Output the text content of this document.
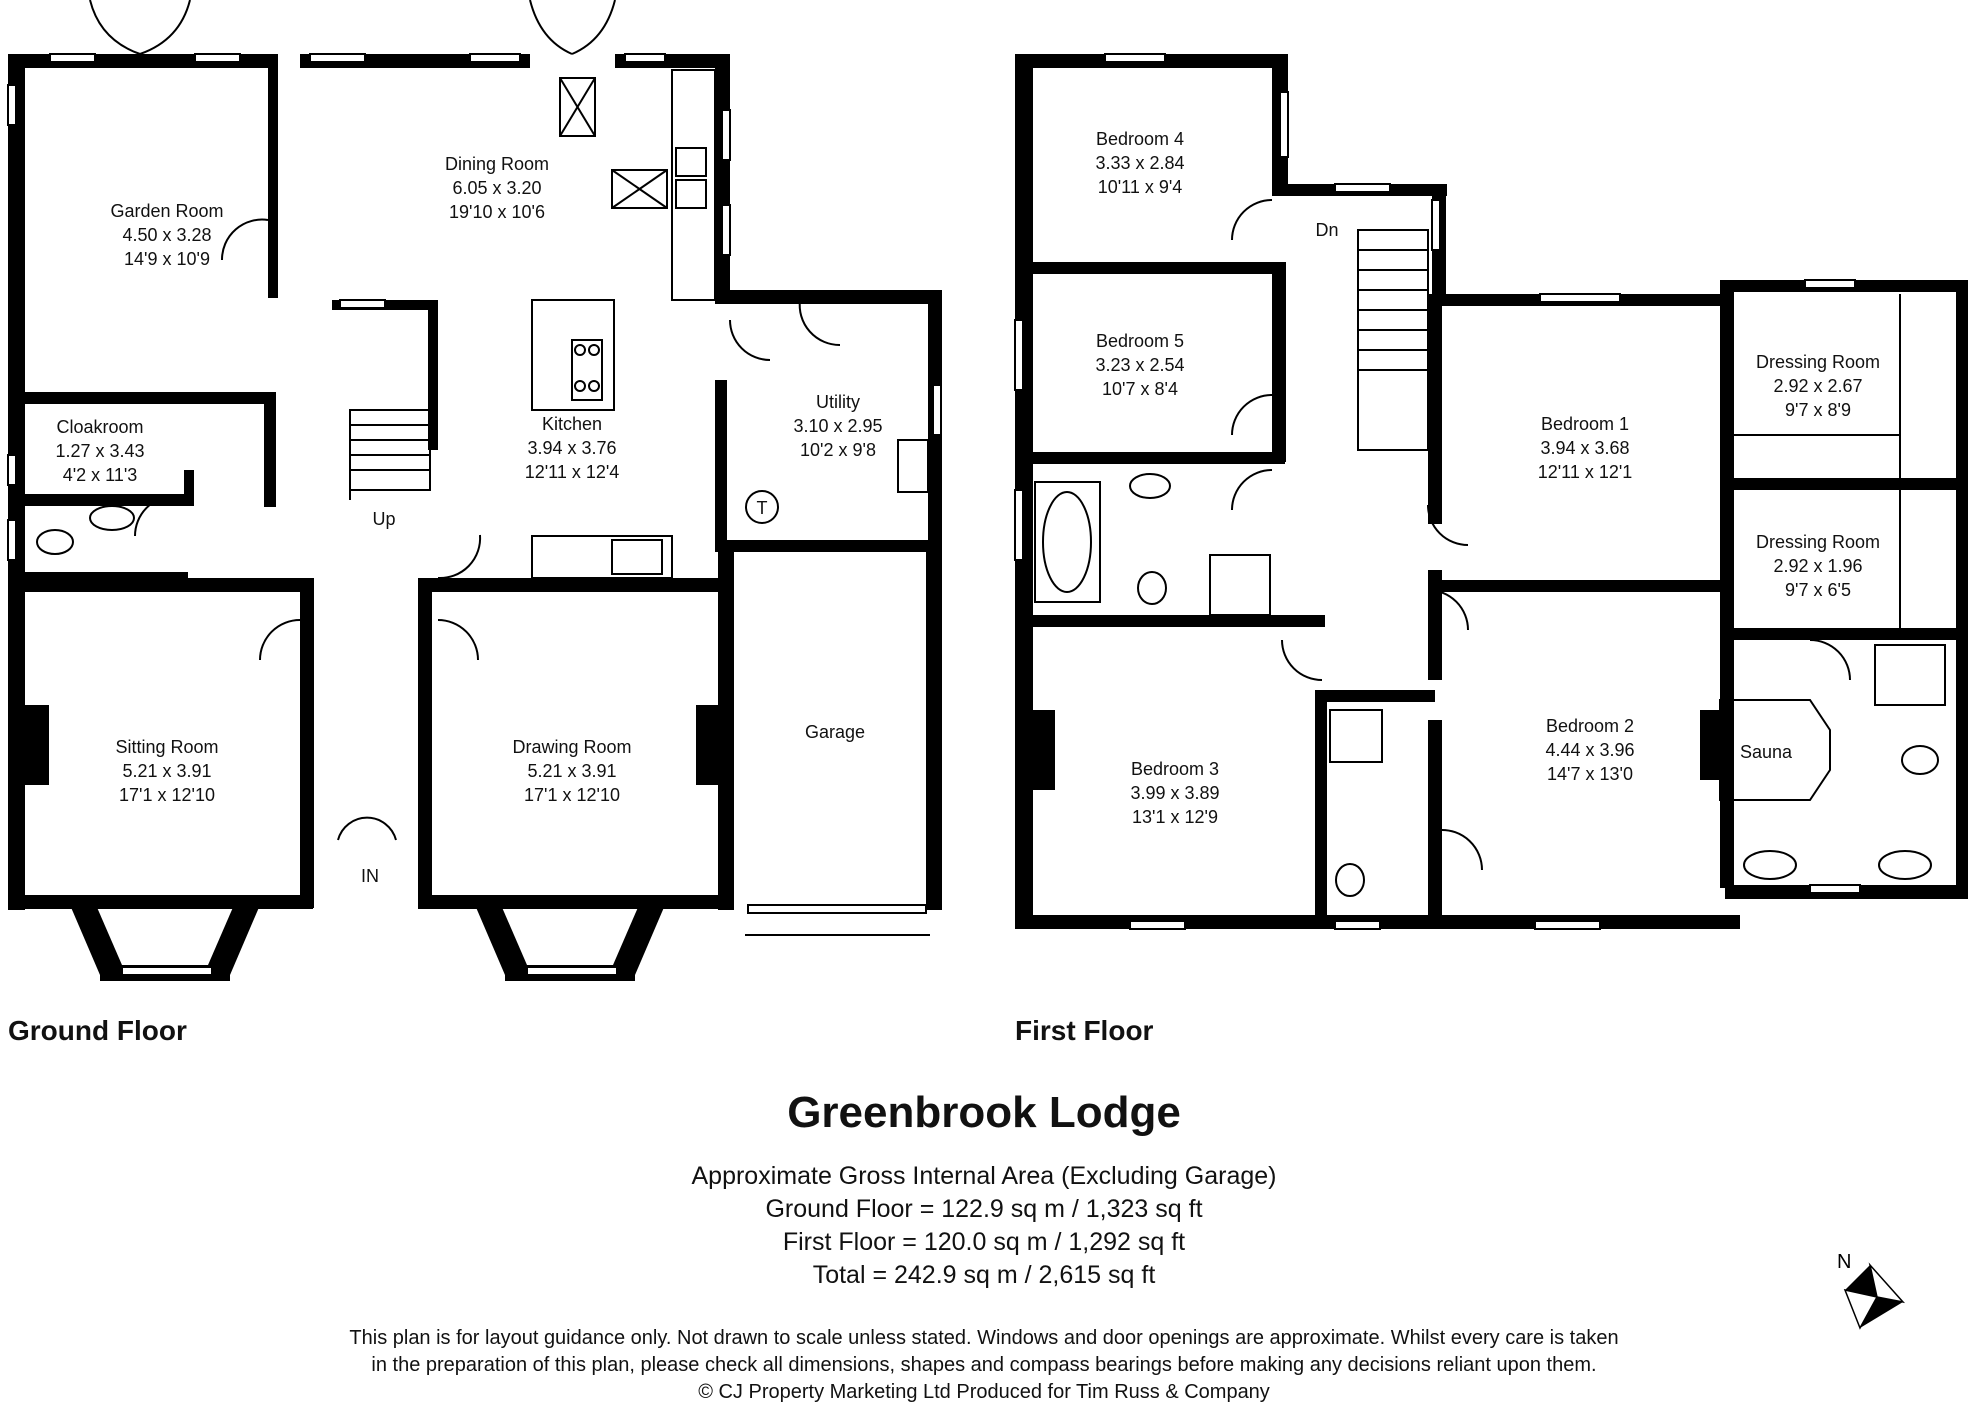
Garden Room
4.50 x 3.28
14'9 x 10'9
Dining Room
6.05 x 3.20
19'10 x 10'6
Kitchen
3.94 x 3.76
12'11 x 12'4
Utility
3.10 x 2.95
10'2 x 9'8
Cloakroom
1.27 x 3.43
4'2 x 11'3
Sitting Room
5.21 x 3.91
17'1 x 12'10
Drawing Room
5.21 x 3.91
17'1 x 12'10
Garage
Up
IN
T
Bedroom 4
3.33 x 2.84
10'11 x 9'4
Bedroom 5
3.23 x 2.54
10'7 x 8'4
Bedroom 1
3.94 x 3.68
12'11 x 12'1
Dressing Room
2.92 x 2.67
9'7 x 8'9
Dressing Room
2.92 x 1.96
9'7 x 6'5
Bedroom 3
3.99 x 3.89
13'1 x 12'9
Bedroom 2
4.44 x 3.96
14'7 x 13'0
Sauna
Dn
Ground Floor	First Floor
Greenbrook Lodge
Approximate Gross Internal Area (Excluding Garage)
Ground Floor = 122.9 sq m / 1,323 sq ft
First Floor = 120.0 sq m / 1,292 sq ft
Total = 242.9 sq m / 2,615 sq ft
This plan is for layout guidance only. Not drawn to scale unless stated. Windows and door openings are approximate. Whilst every care is taken
in the preparation of this plan, please check all dimensions, shapes and compass bearings before making any decisions reliant upon them.
© CJ Property Marketing Ltd Produced for Tim Russ & Company
N
